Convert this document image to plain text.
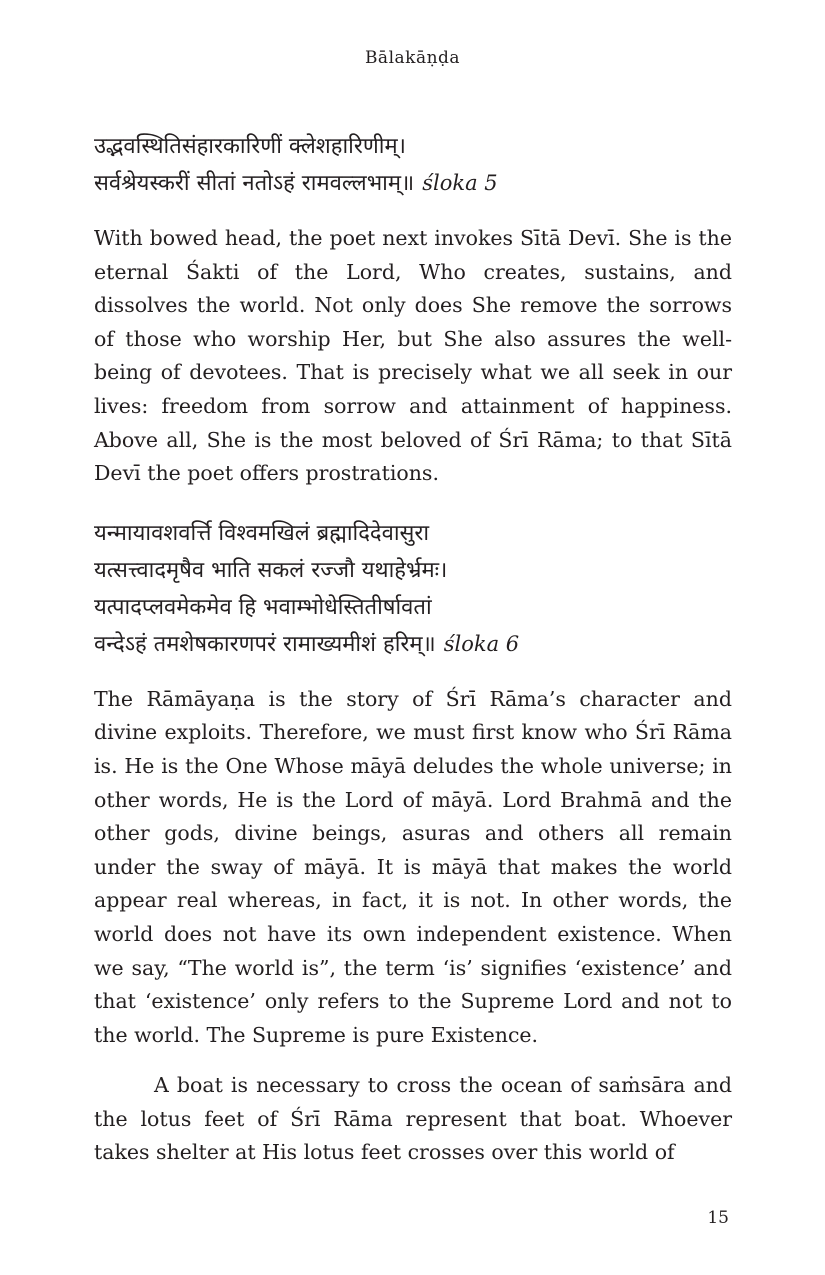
Bālakāṇḍa
उद्भवस्थितिसंहारकारिणीं क्लेशहारिणीम्।
सर्वश्रेयस्करीं सीतां नतोऽहं रामवल्लभाम्॥ śloka 5

With bowed head, the poet next invokes Sītā Devī. She is the eternal Śakti of the Lord, Who creates, sustains, and dissolves the world. Not only does She remove the sorrows of those who worship Her, but She also assures the well-being of devotees. That is precisely what we all seek in our lives: freedom from sorrow and attainment of happiness. Above all, She is the most beloved of Śrī Rāma; to that Sītā Devī the poet offers prostrations.

यन्मायावशवर्त्ति विश्वमखिलं ब्रह्मादिदेवासुरा
यत्सत्त्वादमृषैव भाति सकलं रज्जौ यथाहेर्भ्रमः।
यत्पादप्लवमेकमेव हि भवाम्भोधेस्तितीर्षावतां
वन्देऽहं तमशेषकारणपरं रामाख्यमीशं हरिम्॥ śloka 6

The Rāmāyaṇa is the story of Śrī Rāma’s character and divine exploits. Therefore, we must first know who Śrī Rāma is. He is the One Whose māyā deludes the whole universe; in other words, He is the Lord of māyā. Lord Brahmā and the other gods, divine beings, asuras and others all remain under the sway of māyā. It is māyā that makes the world appear real whereas, in fact, it is not. In other words, the world does not have its own independent existence. When we say, “The world is”, the term ‘is’ signifies ‘existence’ and that ‘existence’ only refers to the Supreme Lord and not to the world. The Supreme is pure Existence.

A boat is necessary to cross the ocean of saṁsāra and the lotus feet of Śrī Rāma represent that boat. Whoever takes shelter at His lotus feet crosses over this world of

15
